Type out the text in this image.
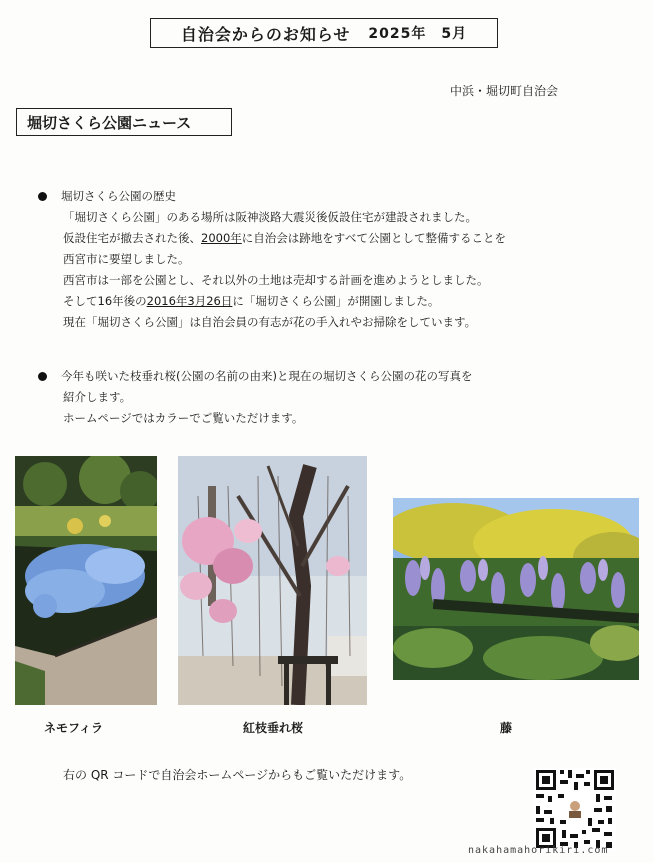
自治会からのお知らせ 2025年　5月
中浜・堀切町自治会
堀切さくら公園ニュース
堀切さくら公園の歴史
「堀切さくら公園」のある場所は阪神淡路大震災後仮設住宅が建設されました。
仮設住宅が撤去された後、2000年に自治会は跡地をすべて公園として整備することを
西宮市に要望しました。
西宮市は一部を公園とし、それ以外の土地は売却する計画を進めようとしました。
そして16年後の2016年3月26日に「堀切さくら公園」が開園しました。
現在「堀切さくら公園」は自治会員の有志が花の手入れやお掃除をしています。
今年も咲いた枝垂れ桜(公園の名前の由来)と現在の堀切さくら公園の花の写真を
紹介します。
ホームページではカラーでご覧いただけます。
ネモフィラ	紅枝垂れ桜	藤
右の QR コードで自治会ホームページからもご覧いただけます。
nakahamahorikiri.com
